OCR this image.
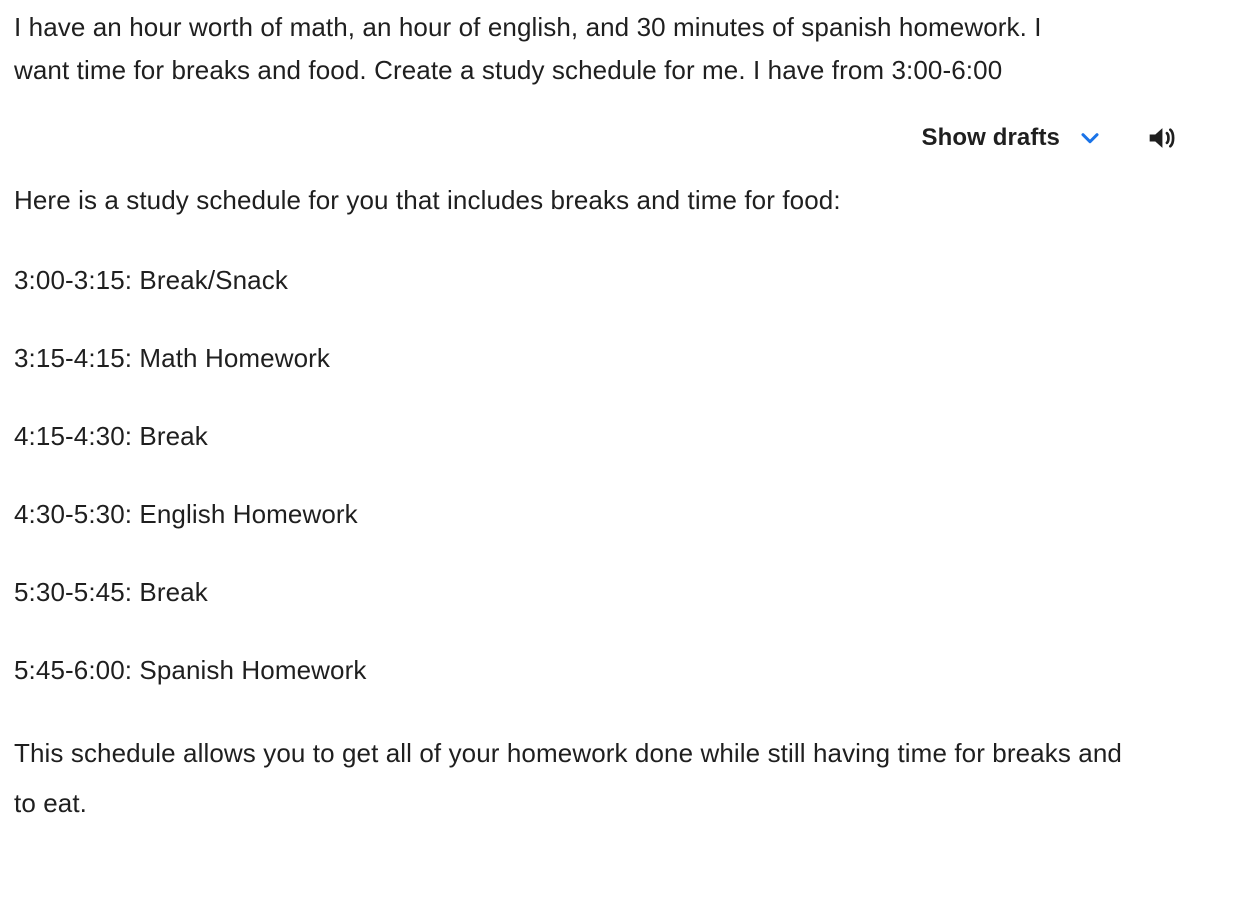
I have an hour worth of math, an hour of english, and 30 minutes of spanish homework. I want time for breaks and food. Create a study schedule for me. I have from 3:00-6:00
Show drafts

Here is a study schedule for you that includes breaks and time for food:

3:00-3:15: Break/Snack

3:15-4:15: Math Homework

4:15-4:30: Break

4:30-5:30: English Homework

5:30-5:45: Break

5:45-6:00: Spanish Homework

This schedule allows you to get all of your homework done while still having time for breaks and to eat.
